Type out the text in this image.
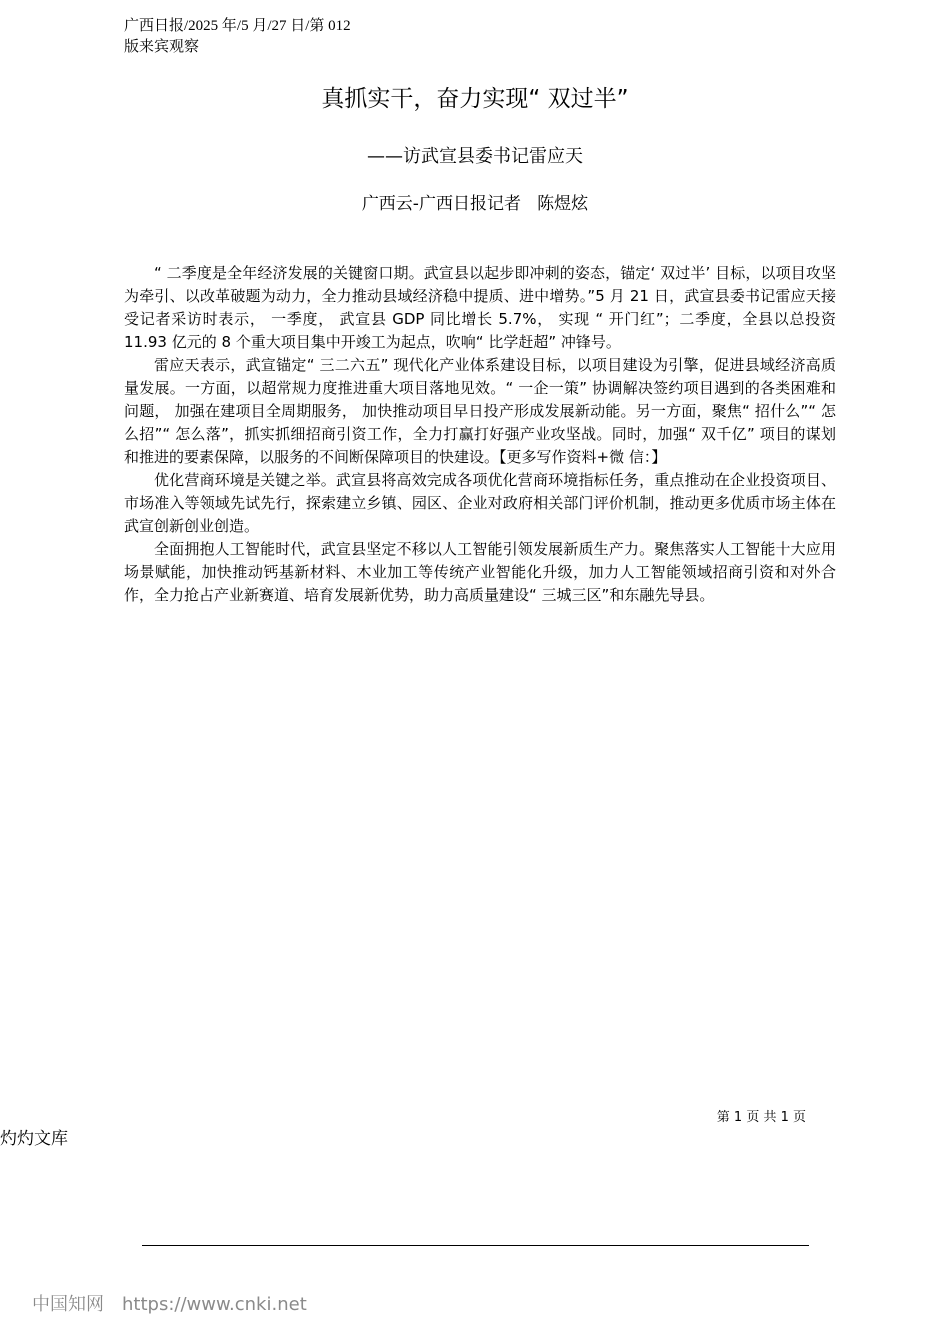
广西日报/2025 年/5 月/27 日/第 012
版来宾观察
真抓实干，奋力实现“ 双过半”
——访武宣县委书记雷应天
广西云-广西日报记者   陈煜炫

“ 二季度是全年经济发展的关键窗口期。武宣县以起步即冲刺的姿态，锚定‘ 双过半’ 目标，以项目攻坚为牵引、以改革破题为动力，全力推动县域经济稳中提质、进中增势。”5 月 21 日，武宣县委书记雷应天接受记者采访时表示， 一季度， 武宣县 GDP 同比增长 5.7%， 实现 “ 开门红”；二季度，全县以总投资 11.93 亿元的 8 个重大项目集中开竣工为起点，吹响“ 比学赶超” 冲锋号。

雷应天表示，武宣锚定“ 三二六五” 现代化产业体系建设目标，以项目建设为引擎，促进县域经济高质量发展。一方面，以超常规力度推进重大项目落地见效。“ 一企一策” 协调解决签约项目遇到的各类困难和问题， 加强在建项目全周期服务， 加快推动项目早日投产形成发展新动能。另一方面，聚焦“ 招什么”“ 怎么招”“ 怎么落”，抓实抓细招商引资工作，全力打赢打好强产业攻坚战。同时，加强“ 双千亿” 项目的谋划和推进的要素保障，以服务的不间断保障项目的快建设。【更多写作资料+微 信：】

优化营商环境是关键之举。武宣县将高效完成各项优化营商环境指标任务，重点推动在企业投资项目、市场准入等领域先试先行，探索建立乡镇、园区、企业对政府相关部门评价机制，推动更多优质市场主体在武宣创新创业创造。

全面拥抱人工智能时代，武宣县坚定不移以人工智能引领发展新质生产力。聚焦落实人工智能十大应用场景赋能，加快推动钙基新材料、木业加工等传统产业智能化升级，加力人工智能领域招商引资和对外合作，全力抢占产业新赛道、培育发展新优势，助力高质量建设“ 三城三区”和东融先导县。

第 1 页 共 1 页
灼灼文库
中国知网 https://www.cnki.net
